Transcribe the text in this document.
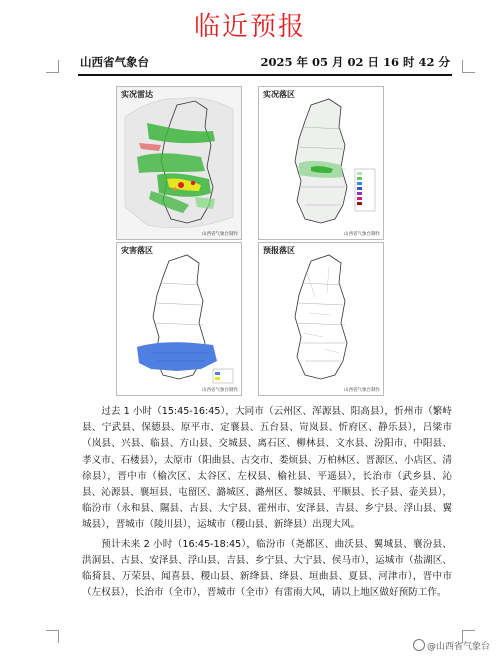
临近预报
山西省气象台	2025 年 05 月 02 日 16 时 42 分
实况雷达
山西省气象台制作
实况落区
山西省气象台制作
灾害落区
山西省气象台制作
预报落区
山西省气象台制作

过去 1 小时（15:45-16:45），大同市（云州区、浑源县、阳高县），忻州市（繁峙县、宁武县、保德县、原平市、定襄县、五台县、岢岚县、忻府区、静乐县），吕梁市（岚县、兴县、临县、方山县、交城县、离石区、柳林县、文水县、汾阳市、中阳县、孝义市、石楼县），太原市（阳曲县、古交市、娄烦县、万柏林区、晋源区、小店区、清徐县），晋中市（榆次区、太谷区、左权县、榆社县、平遥县），长治市（武乡县、沁县、沁源县、襄垣县、屯留区、潞城区、潞州区、黎城县、平顺县、长子县、壶关县），临汾市（永和县、隰县、古县、大宁县、霍州市、安泽县、吉县、乡宁县、浮山县、翼城县），晋城市（陵川县），运城市（稷山县、新绛县）出现大风。

预计未来 2 小时（16:45-18:45），临汾市（尧都区、曲沃县、翼城县、襄汾县、洪洞县、古县、安泽县、浮山县、吉县、乡宁县、大宁县、侯马市），运城市（盐湖区、临猗县、万荣县、闻喜县、稷山县、新绛县、绛县、垣曲县、夏县、河津市），晋中市（左权县），长治市（全市），晋城市（全市）有雷雨大风，请以上地区做好预防工作。

@山西省气象台
